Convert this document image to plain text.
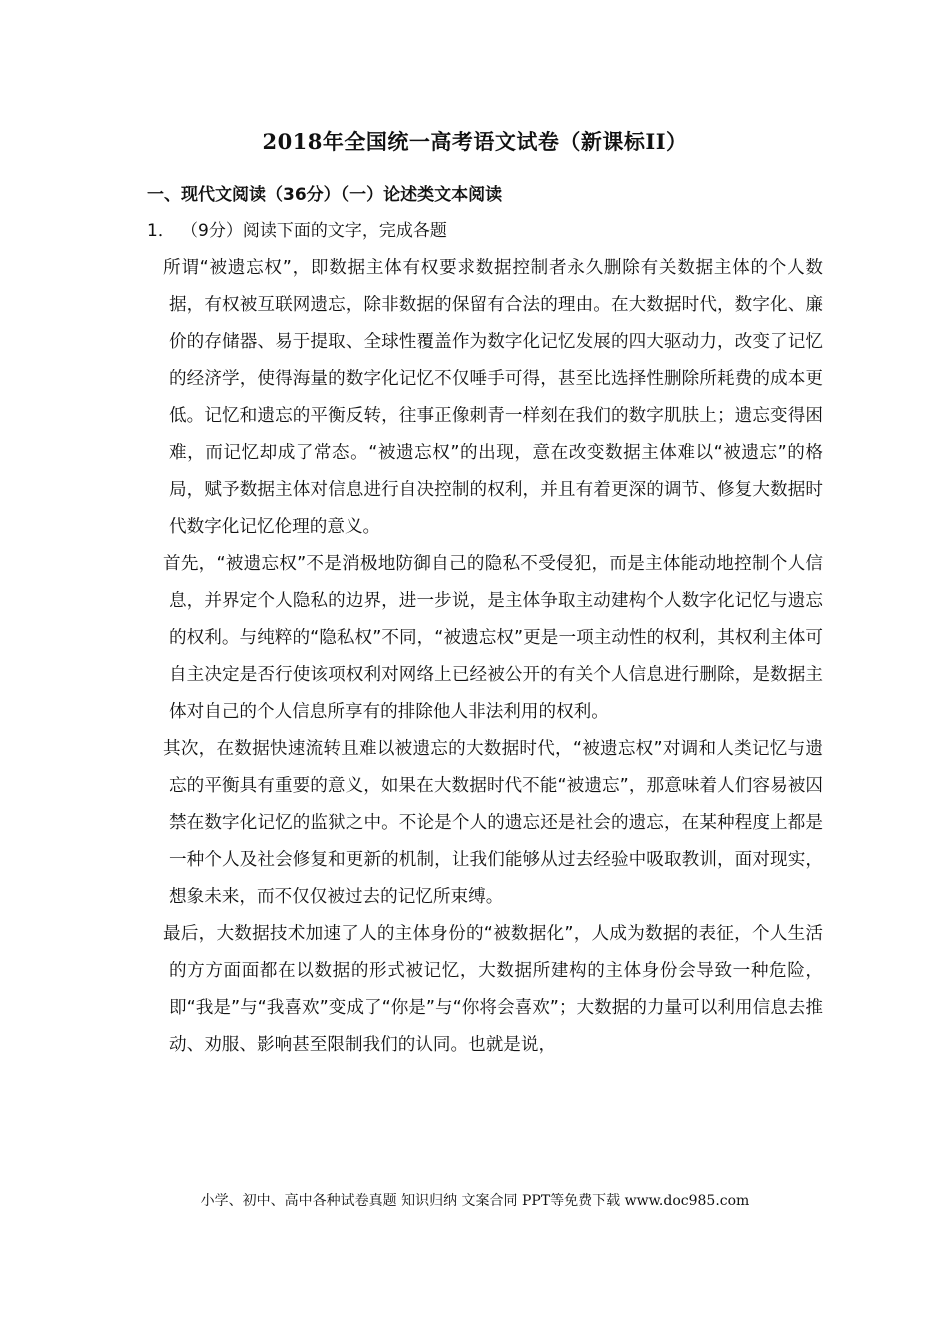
2018年全国统一高考语文试卷（新课标II）
一、现代文阅读（36分）（一）论述类文本阅读
1． （9分）阅读下面的文字，完成各题

所谓“被遗忘权”，即数据主体有权要求数据控制者永久删除有关数据主体的个人数据，有权被互联网遗忘，除非数据的保留有合法的理由。在大数据时代，数字化、廉价的存储器、易于提取、全球性覆盖作为数字化记忆发展的四大驱动力，改变了记忆的经济学，使得海量的数字化记忆不仅唾手可得，甚至比选择性删除所耗费的成本更低。记忆和遗忘的平衡反转，往事正像刺青一样刻在我们的数字肌肤上；遗忘变得困难，而记忆却成了常态。“被遗忘权”的出现，意在改变数据主体难以“被遗忘”的格局，赋予数据主体对信息进行自决控制的权利，并且有着更深的调节、修复大数据时代数字化记忆伦理的意义。

首先，“被遗忘权”不是消极地防御自己的隐私不受侵犯，而是主体能动地控制个人信息，并界定个人隐私的边界，进一步说，是主体争取主动建构个人数字化记忆与遗忘的权利。与纯粹的“隐私权”不同，“被遗忘权”更是一项主动性的权利，其权利主体可自主决定是否行使该项权利对网络上已经被公开的有关个人信息进行删除，是数据主体对自己的个人信息所享有的排除他人非法利用的权利。

其次，在数据快速流转且难以被遗忘的大数据时代，“被遗忘权”对调和人类记忆与遗忘的平衡具有重要的意义，如果在大数据时代不能“被遗忘”，那意味着人们容易被囚禁在数字化记忆的监狱之中。不论是个人的遗忘还是社会的遗忘，在某种程度上都是一种个人及社会修复和更新的机制，让我们能够从过去经验中吸取教训，面对现实，想象未来，而不仅仅被过去的记忆所束缚。

最后，大数据技术加速了人的主体身份的“被数据化”，人成为数据的表征，个人生活的方方面面都在以数据的形式被记忆，大数据所建构的主体身份会导致一种危险，即“我是”与“我喜欢”变成了“你是”与“你将会喜欢”；大数据的力量可以利用信息去推动、劝服、影响甚至限制我们的认同。也就是说，

小学、初中、高中各种试卷真题 知识归纳 文案合同 PPT等免费下载 www.doc985.com
